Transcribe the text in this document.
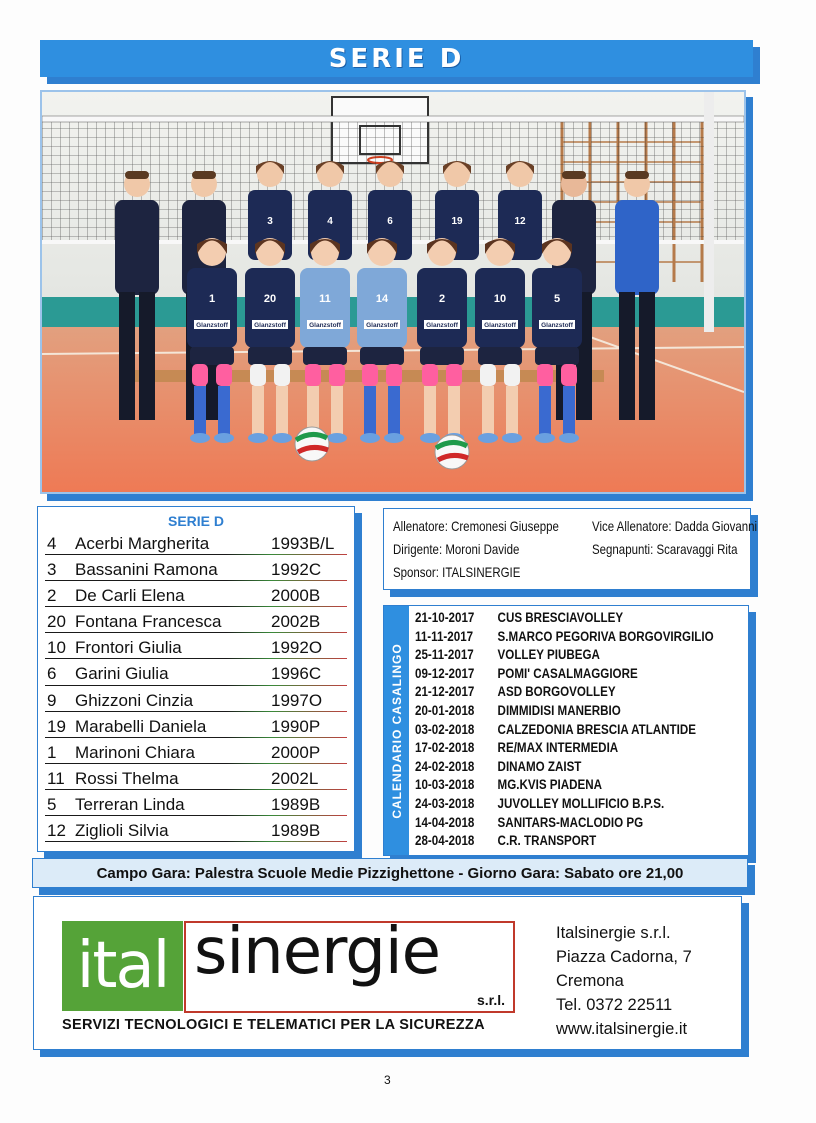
SERIE D
3	4	6	19	12
1
Glanzstoff
20
Glanzstoff
11
Glanzstoff
14
Glanzstoff
2
Glanzstoff
10
Glanzstoff
5
Glanzstoff
SERIE D
4 Acerbi Margherita	1993B/L
3 Bassanini Ramona	1992C
2 De Carli Elena	2000B
20 Fontana Francesca	2002B
10 Frontori Giulia	1992O
6 Garini Giulia	1996C
9 Ghizzoni Cinzia	1997O
19 Marabelli Daniela	1990P
1 Marinoni Chiara	2000P
11 Rossi Thelma	2002L
5 Terreran Linda	1989B
12 Ziglioli Silvia	1989B
Allenatore: Cremonesi Giuseppe Vice Allenatore: Dadda Giovanni
Dirigente: Moroni Davide	Segnapunti: Scaravaggi Rita
Sponsor: ITALSINERGIE
CALENDARIO CASALINGO
21-10-2017 CUS BRESCIAVOLLEY
11-11-2017 S.MARCO PEGORIVA BORGOVIRGILIO
25-11-2017 VOLLEY PIUBEGA
09-12-2017 POMI' CASALMAGGIORE
21-12-2017 ASD BORGOVOLLEY
20-01-2018 DIMMIDISI MANERBIO
03-02-2018 CALZEDONIA BRESCIA ATLANTIDE
17-02-2018 RE/MAX INTERMEDIA
24-02-2018 DINAMO ZAIST
10-03-2018 MG.KVIS PIADENA
24-03-2018 JUVOLLEY MOLLIFICIO B.P.S.
14-04-2018 SANITARS-MACLODIO PG
28-04-2018 C.R. TRANSPORT
Campo Gara: Palestra Scuole Medie Pizzighettone - Giorno Gara: Sabato ore 21,00
ital sinergie
s.r.l.
SERVIZI TECNOLOGICI E TELEMATICI PER LA SICUREZZA
Italsinergie s.r.l.
Piazza Cadorna, 7
Cremona
Tel. 0372 22511
www.italsinergie.it
3
